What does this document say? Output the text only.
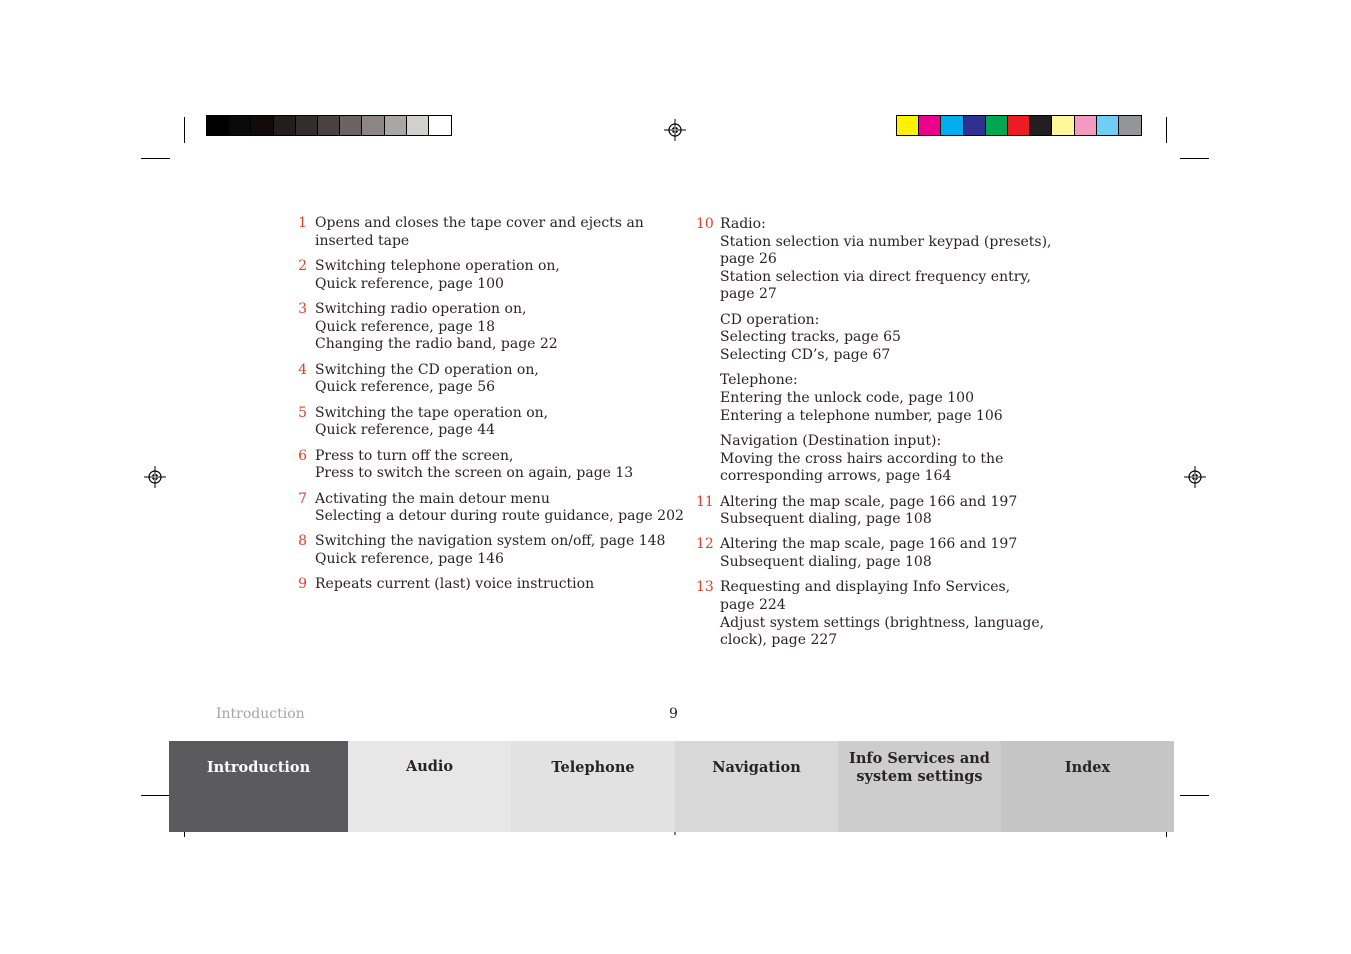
1 Opens and closes the tape cover and ejects an
inserted tape
2 Switching telephone operation on,
Quick reference, page 100
3 Switching radio operation on,
Quick reference, page 18
Changing the radio band, page 22
4 Switching the CD operation on,
Quick reference, page 56
5 Switching the tape operation on,
Quick reference, page 44
6 Press to turn off the screen,
Press to switch the screen on again, page 13
7 Activating the main detour menu
Selecting a detour during route guidance, page 202
8 Switching the navigation system on/off, page 148
Quick reference, page 146
9 Repeats current (last) voice instruction
10 Radio:
Station selection via number keypad (presets),
page 26
Station selection via direct frequency entry,
page 27
CD operation:
Selecting tracks, page 65
Selecting CD’s, page 67
Telephone:
Entering the unlock code, page 100
Entering a telephone number, page 106
Navigation (Destination input):
Moving the cross hairs according to the
corresponding arrows, page 164
11 Altering the map scale, page 166 and 197
Subsequent dialing, page 108
12 Altering the map scale, page 166 and 197
Subsequent dialing, page 108
13 Requesting and displaying Info Services,
page 224
Adjust system settings (brightness, language,
clock), page 227
Introduction	9
Introduction	Audio	Telephone	Navigation
Info Services and
system settings
Index
